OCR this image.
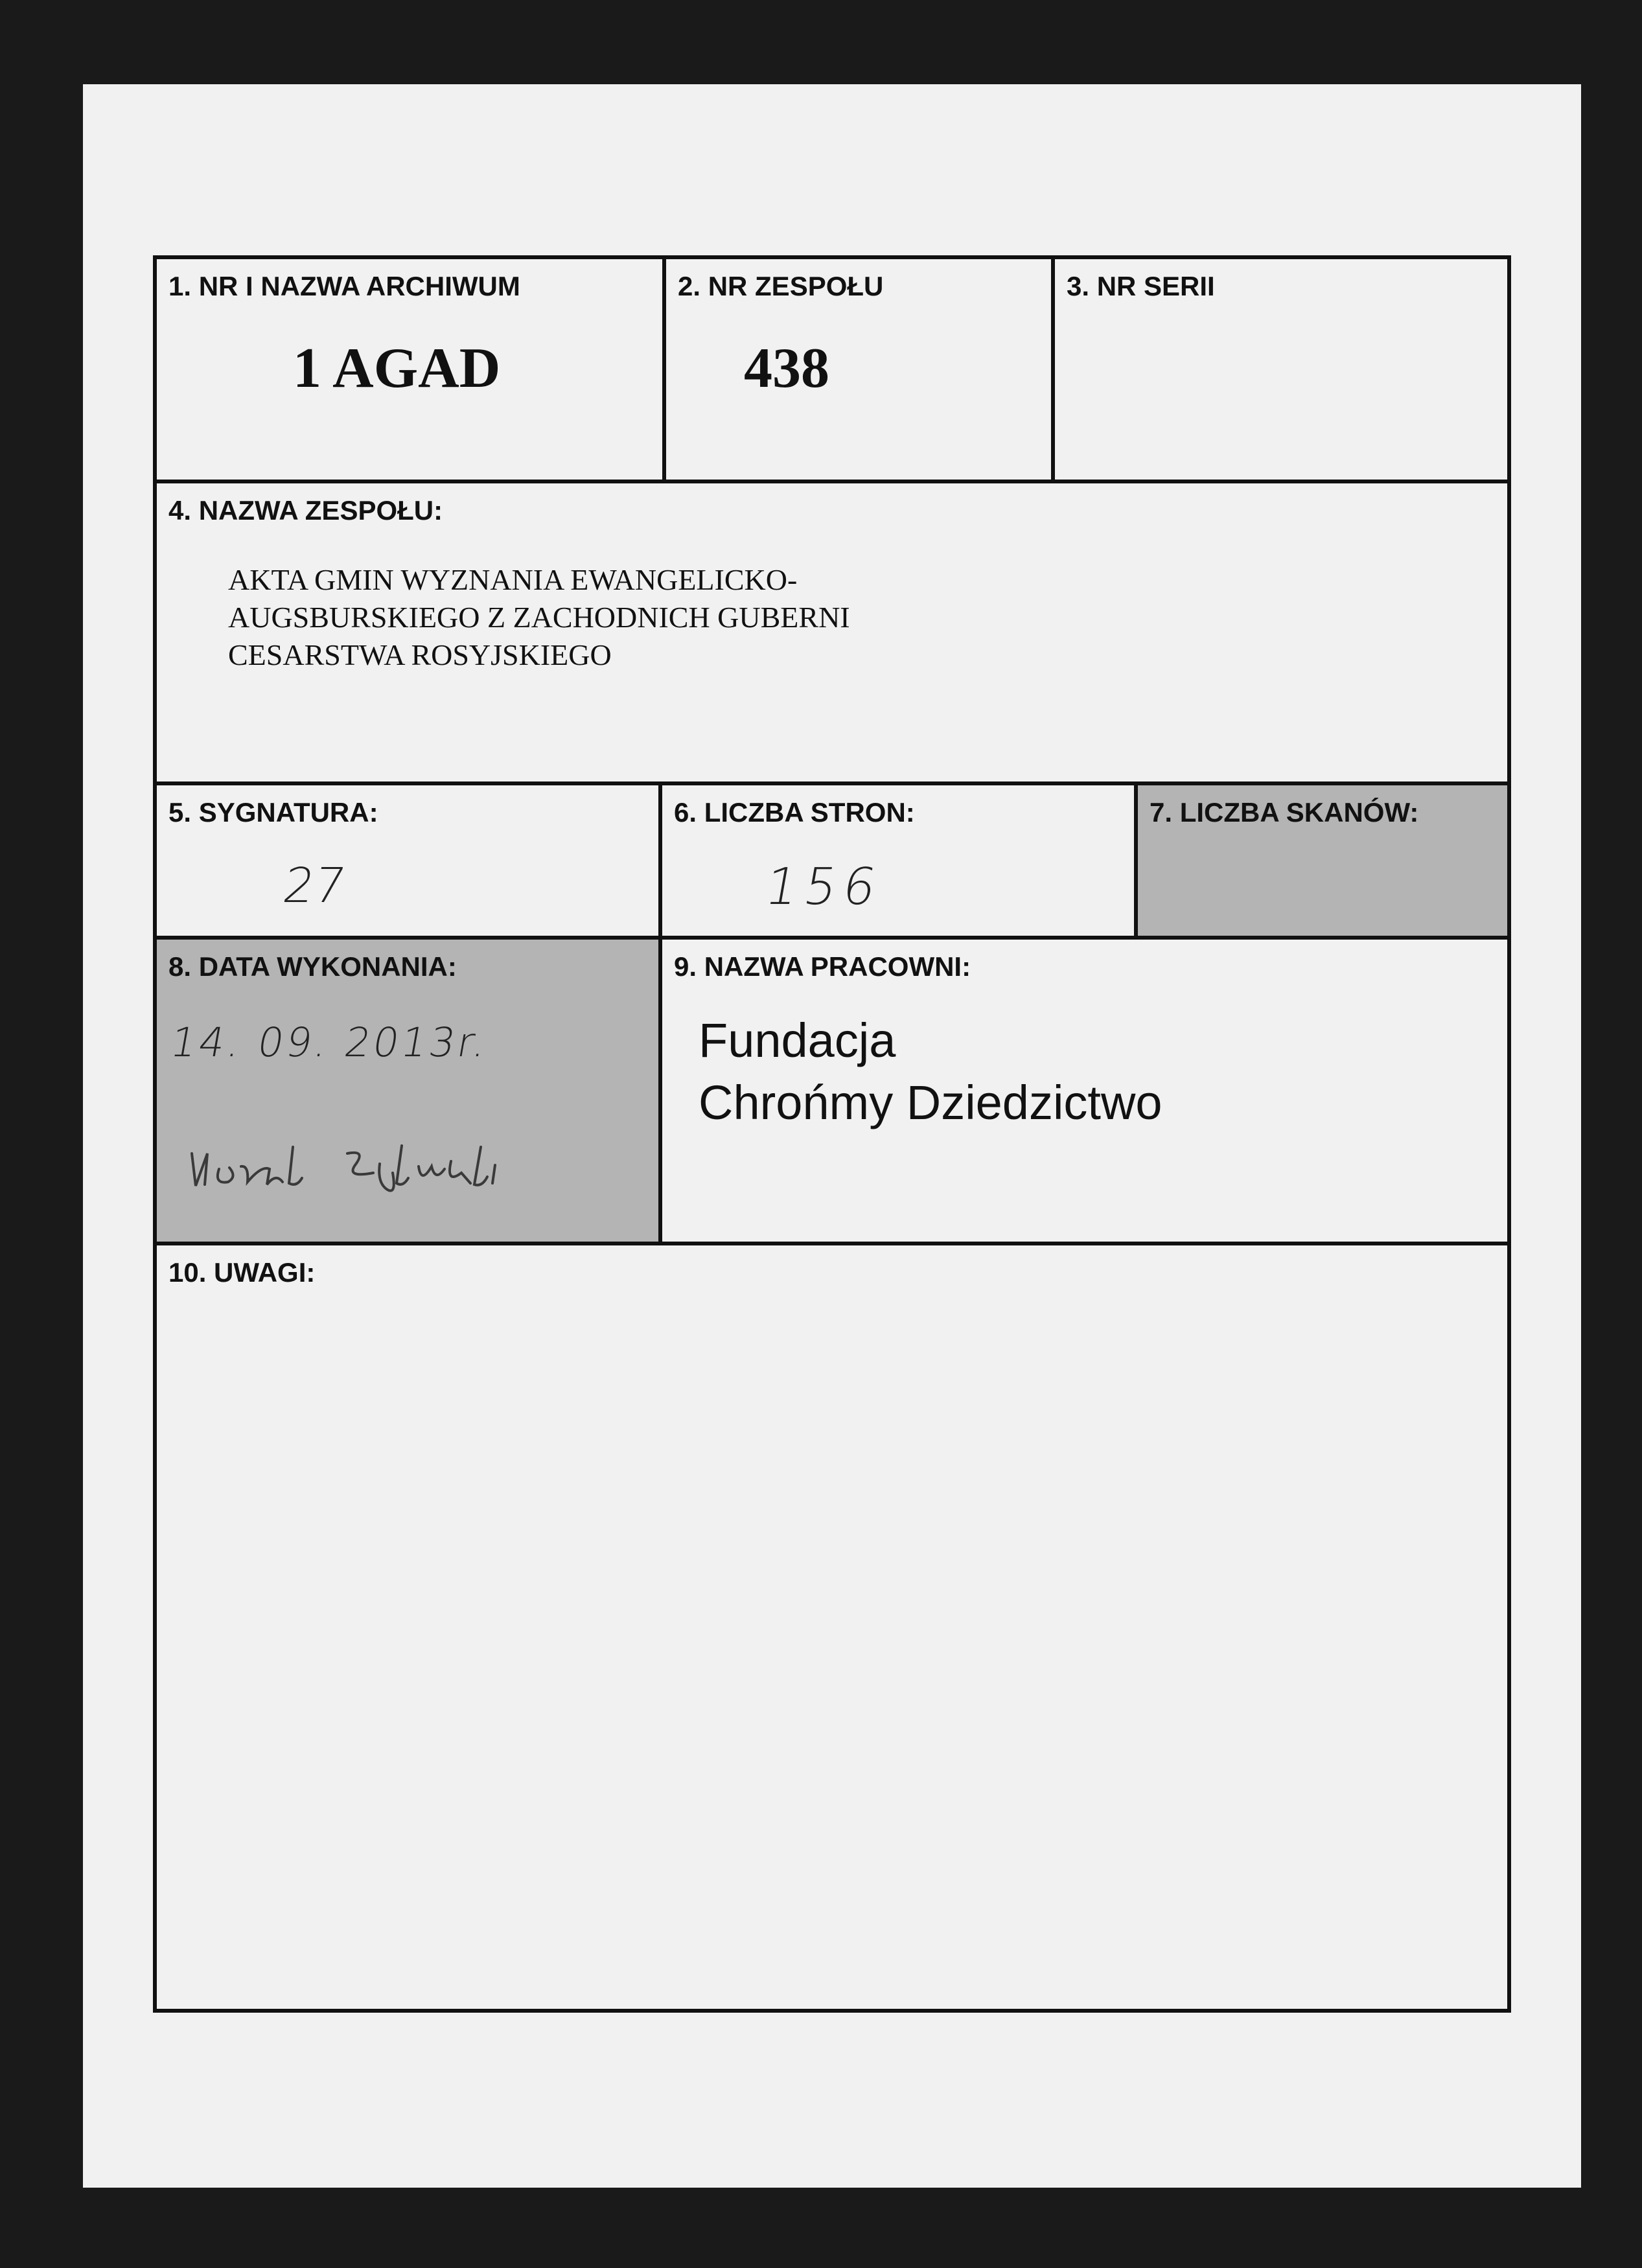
1. NR I NAZWA ARCHIWUM
1 AGAD
2. NR ZESPOŁU
438
3. NR SERII
4. NAZWA ZESPOŁU:
AKTA GMIN WYZNANIA EWANGELICKO-
AUGSBURSKIEGO Z ZACHODNICH GUBERNI
CESARSTWA ROSYJSKIEGO
5. SYGNATURA:
27
6. LICZBA STRON:
156
7. LICZBA SKANÓW:
8. DATA WYKONANIA:
14. 09. 2013r.
9. NAZWA PRACOWNI:
Fundacja
Chrońmy Dziedzictwo
10. UWAGI:
